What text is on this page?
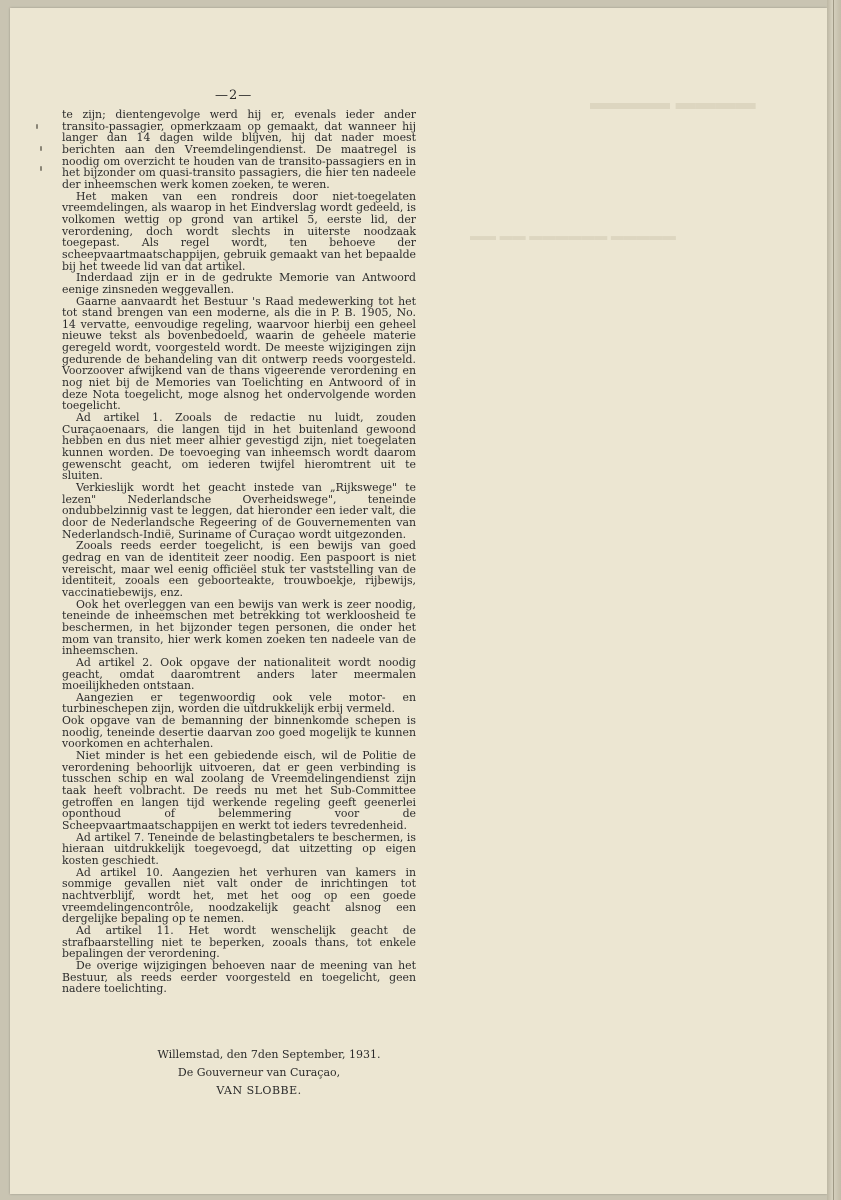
▬▬▬▬ ▬▬▬▬
▬▬▬▬▬ ▬▬▬▬▬▬ ▬▬ ▬▬
—2—

te zijn; dientengevolge werd hij er, evenals ieder ander transito-passagier, opmerkzaam op gemaakt, dat wanneer hij langer dan 14 dagen wilde blijven, hij dat nader moest berichten aan den Vreemdelingendienst. De maatregel is noodig om overzicht te houden van de transito-passagiers en in het bijzonder om quasi-transito passagiers, die hier ten nadeele der inheemschen werk komen zoeken, te weren.

Het maken van een rondreis door niet-toegelaten vreemdelingen, als waarop in het Eindverslag wordt gedeeld, is volkomen wettig op grond van artikel 5, eerste lid, der verordening, doch wordt slechts in uiterste noodzaak toegepast. Als regel wordt, ten behoeve der scheepvaartmaatschappijen, gebruik gemaakt van het bepaalde bij het tweede lid van dat artikel.

Inderdaad zijn er in de gedrukte Memorie van Antwoord eenige zinsneden weggevallen.

Gaarne aanvaardt het Bestuur 's Raad medewerking tot het tot stand brengen van een moderne, als die in P. B. 1905, No. 14 vervatte, eenvoudige regeling, waarvoor hierbij een geheel nieuwe tekst als bovenbedoeld, waarin de geheele materie geregeld wordt, voorgesteld wordt. De meeste wijzigingen zijn gedurende de behandeling van dit ontwerp reeds voorgesteld. Voorzoover afwijkend van de thans vigeerende verordening en nog niet bij de Memories van Toelichting en Antwoord of in deze Nota toegelicht, moge alsnog het ondervolgende worden toegelicht.

Ad artikel 1. Zooals de redactie nu luidt, zouden Curaçaoenaars, die langen tijd in het buitenland gewoond hebben en dus niet meer alhier gevestigd zijn, niet toegelaten kunnen worden. De toevoeging van inheemsch wordt daarom gewenscht geacht, om iederen twijfel hieromtrent uit te sluiten.

Verkieslijk wordt het geacht instede van „Rijkswege" te lezen" Nederlandsche Overheidswege", teneinde ondubbelzinnig vast te leggen, dat hieronder een ieder valt, die door de Nederlandsche Regeering of de Gouvernementen van Nederlandsch-Indië, Suriname of Curaçao wordt uitgezonden.

Zooals reeds eerder toegelicht, is een bewijs van goed gedrag en van de identiteit zeer noodig. Een paspoort is niet vereischt, maar wel eenig officiëel stuk ter vaststelling van de identiteit, zooals een geboorteakte, trouwboekje, rijbewijs, vaccinatiebewijs, enz.

Ook het overleggen van een bewijs van werk is zeer noodig, teneinde de inheemschen met betrekking tot werkloosheid te beschermen, in het bijzonder tegen personen, die onder het mom van transito, hier werk komen zoeken ten nadeele van de inheemschen.

Ad artikel 2. Ook opgave der nationaliteit wordt noodig geacht, omdat daaromtrent anders later meermalen moeilijkheden ontstaan.

Aangezien er tegenwoordig ook vele motor- en turbineschepen zijn, worden die uitdrukkelijk erbij vermeld.

Ook opgave van de bemanning der binnenkomde schepen is noodig, teneinde desertie daarvan zoo goed mogelijk te kunnen voorkomen en achterhalen.

Niet minder is het een gebiedende eisch, wil de Politie de verordening behoorlijk uitvoeren, dat er geen verbinding is tusschen schip en wal zoolang de Vreemdelingendienst zijn taak heeft volbracht. De reeds nu met het Sub-Committee getroffen en langen tijd werkende regeling geeft geenerlei oponthoud of belemmering voor de Scheepvaartmaatschappijen en werkt tot ieders tevredenheid.

Ad artikel 7. Teneinde de belastingbetalers te beschermen, is hieraan uitdrukkelijk toegevoegd, dat uitzetting op eigen kosten geschiedt.

Ad artikel 10. Aangezien het verhuren van kamers in sommige gevallen niet valt onder de inrichtingen tot nachtverblijf, wordt het, met het oog op een goede vreemdelingencontrôle, noodzakelijk geacht alsnog een dergelijke bepaling op te nemen.

Ad artikel 11. Het wordt wenschelijk geacht de strafbaarstelling niet te beperken, zooals thans, tot enkele bepalingen der verordening.

De overige wijzigingen behoeven naar de meening van het Bestuur, als reeds eerder voorgesteld en toegelicht, geen nadere toelichting.

Willemstad, den 7den September, 1931.
De Gouverneur van Curaçao,
VAN SLOBBE.
